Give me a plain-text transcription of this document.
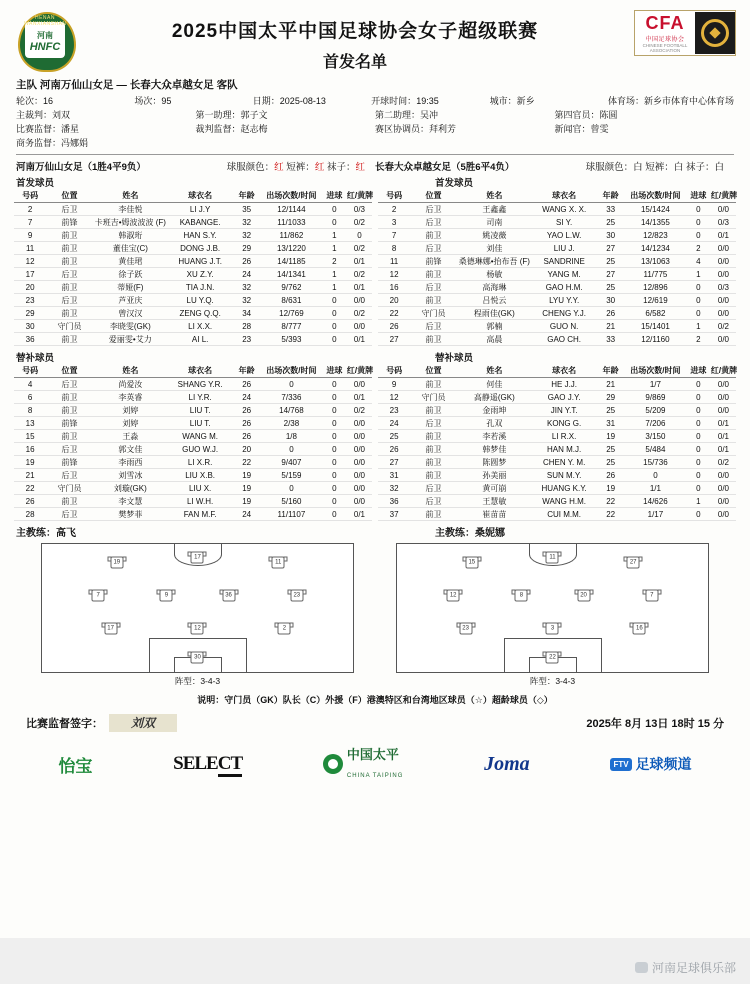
HENAN WANXIANSHAN
河南
HNFC
2025中国太平中国足球协会女子超级联赛
首发名单
CFA
中国足球协会
CHINESE FOOTBALL ASSOCIATION
主队 河南万仙山女足 — 长春大众卓越女足 客队
轮次：16	场次：95	日期：2025-08-13	开球时间：19:35	城市：新乡	体育场：新乡市体育中心体育场
主裁判：刘双	第一助理：郭子文	第二助理：吴冲	第四官员：陈圆
比赛监督：潘星	裁判监督：赵志梅	赛区协调员：拜利芳	新闻官：曾雯
商务监督：冯娜娟
河南万仙山女足（1胜4平9负）	球服颜色：红 短裤：红 袜子：红 长春大众卓越女足（5胜6平4负）	球服颜色：白 短裤：白 袜子：白
首发球员	首发球员
号码	位置	姓名	球衣名	年龄	出场次数/时间	进球	红/黄牌
2	后卫	李佳悦	LI J.Y	35	12/1144	0	0/3
7	前锋	卡班吉•姆波波波 (F)	KABANGE.	32	11/1033	0	0/2
9	前卫	韩淑珩	HAN S.Y.	32	11/862	1	0
11	前卫	董佳宝(C)	DONG J.B.	29	13/1220	1	0/2
12	前卫	黄佳珺	HUANG J.T.	26	14/1185	2	0/1
17	后卫	徐子跃	XU Z.Y.	24	14/1341	1	0/2
20	前卫	蒂娅(F)	TIA J.N.	32	9/762	1	0/1
23	后卫	芦亚庆	LU Y.Q.	32	8/631	0	0/0
29	前卫	曾汉汉	ZENG Q.Q.	34	12/769	0	0/2
30	守门员	李晓雯(GK)	LI X.X.	28	8/777	0	0/0
36	前卫	爱丽雯•艾力	AI L.	23	5/393	0	0/1
号码	位置	姓名	球衣名	年龄	出场次数/时间	进球	红/黄牌
2	后卫	王鑫鑫	WANG X. X.	33	15/1424	0	0/0
3	后卫	司南	SI Y.	25	14/1355	0	0/3
7	前卫	姚凌薇	YAO L.W.	30	12/823	0	0/1
8	后卫	刘佳	LIU J.	27	14/1234	2	0/0
11	前锋	桑德琳娜•抬布吾 (F)	SANDRINE	25	13/1063	4	0/0
12	前卫	杨敏	YANG M.	27	11/775	1	0/0
16	后卫	高海琳	GAO H.M.	25	12/896	0	0/3
20	前卫	吕悦云	LYU Y.Y.	30	12/619	0	0/0
22	守门员	程雨佳(GK)	CHENG Y.J.	26	6/582	0	0/0
26	后卫	郭楠	GUO N.	21	15/1401	1	0/2
27	前卫	高晨	GAO CH.	33	12/1160	2	0/0
替补球员	替补球员
号码	位置	姓名	球衣名	年龄	出场次数/时间	进球	红/黄牌
4	后卫	尚爱汝	SHANG Y.R.	26	0	0	0/0
6	前卫	李英睿	LI Y.R.	24	7/336	0	0/1
8	前卫	刘婷	LIU T.	26	14/768	0	0/2
13	前锋	刘婷	LIU T.	26	2/38	0	0/0
15	前卫	王淼	WANG M.	26	1/8	0	0/0
16	后卫	郭文佳	GUO W.J.	20	0	0	0/0
19	前锋	李雨西	LI X.R.	22	9/407	0	0/0
21	后卫	刘雪冰	LIU X.B.	19	5/159	0	0/0
22	守门员	刘璇(GK)	LIU X.	19	0	0	0/0
26	前卫	李文慧	LI W.H.	19	5/160	0	0/0
28	后卫	樊梦菲	FAN M.F.	24	11/1107	0	0/1
号码	位置	姓名	球衣名	年龄	出场次数/时间	进球	红/黄牌
9	前卫	何佳	HE J.J.	21	1/7	0	0/0
12	守门员	高静遥(GK)	GAO J.Y.	29	9/869	0	0/0
23	前卫	金雨坤	JIN Y.T.	25	5/209	0	0/0
24	后卫	孔双	KONG G.	31	7/206	0	0/1
25	前卫	李若溪	LI R.X.	19	3/150	0	0/1
26	前卫	韩梦佳	HAN M.J.	25	5/484	0	0/1
27	前卫	陈圆梦	CHEN Y. M.	25	15/736	0	0/2
31	前卫	孙美丽	SUN M.Y.	26	0	0	0/0
32	后卫	黄可崩	HUANG K.Y.	19	1/1	0	0/0
36	后卫	王慧敏	WANG H.M.	22	14/626	1	0/0
37	前卫	崔苗苗	CUI M.M.	22	1/17	0	0/0
主教练：高飞	主教练：桑妮娜
19
17
11
7	9	36	23
17	12	2
30
阵型：3-4-3
15
11
27
12	8	20	7
23	3	16
22
阵型：3-4-3
说明：守门员（GK）队长（C）外援（F）港澳特区和台湾地区球员（☆）超龄球员（◇）
比赛监督签字：	刘双	2025年 8月 13日 18时 15 分
怡宝	SELECT	中国太平
CHINA TAIPING
Joma	FTV 足球频道
河南足球俱乐部
